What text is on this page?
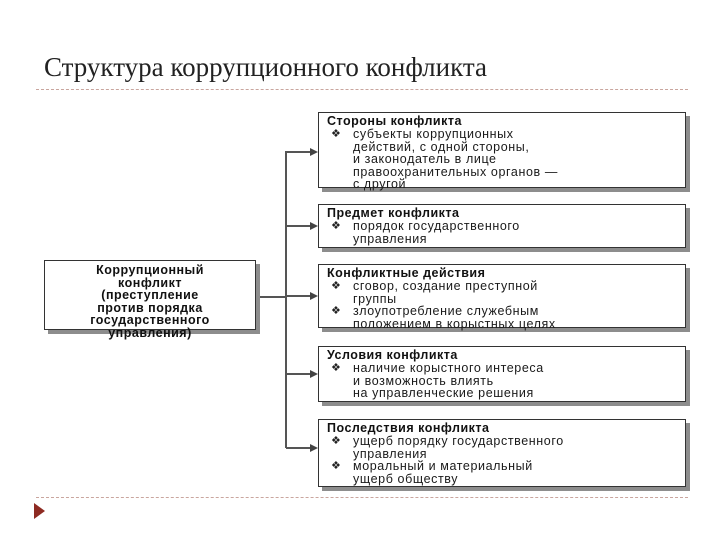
Структура коррупционного конфликта
Коррупционный
конфликт
(преступление
против порядка
государственного
управления)
Стороны конфликта
❖ субъекты коррупционных
действий, с одной стороны,
и законодатель в лице
правоохранительных органов —
с другой
Предмет конфликта
❖ порядок государственного
управления
Конфликтные действия
❖ сговор, создание преступной
группы
❖ злоупотребление служебным
положением в корыстных целях
Условия конфликта
❖ наличие корыстного интереса
и возможность влиять
на управленческие решения
Последствия конфликта
❖ ущерб порядку государственного
управления
❖ моральный и материальный
ущерб обществу
